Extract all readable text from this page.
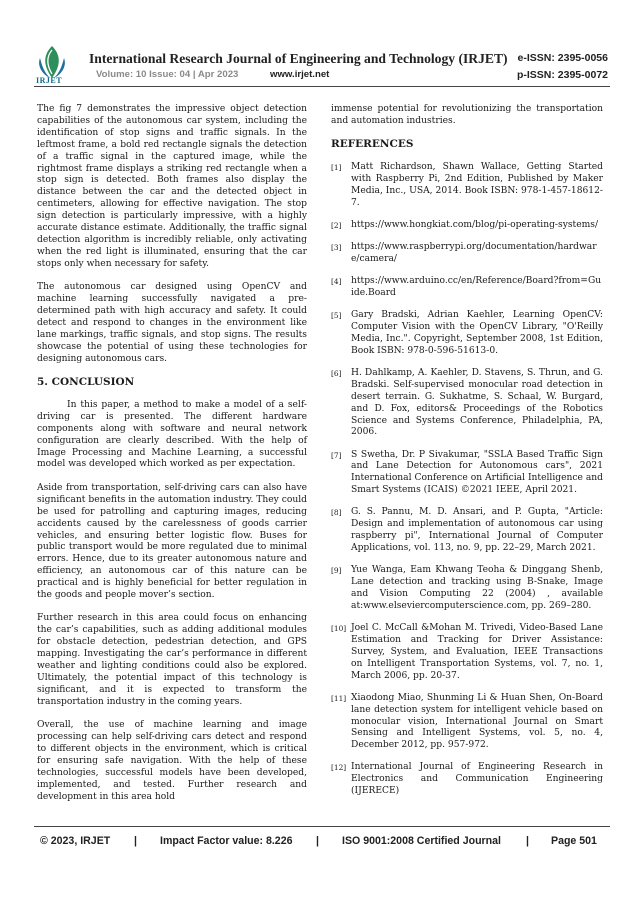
IRJET
International Research Journal of Engineering and Technology (IRJET) e-ISSN: 2395-0056
Volume: 10 Issue: 04 | Apr 2023	www.irjet.net	p-ISSN: 2395-0072

The fig 7 demonstrates the impressive object detection capabilities of the autonomous car system, including the identification of stop signs and traffic signals. In the leftmost frame, a bold red rectangle signals the detection of a traffic signal in the captured image, while the rightmost frame displays a striking red rectangle when a stop sign is detected. Both frames also display the distance between the car and the detected object in centimeters, allowing for effective navigation. The stop sign detection is particularly impressive, with a highly accurate distance estimate. Additionally, the traffic signal detection algorithm is incredibly reliable, only activating when the red light is illuminated, ensuring that the car stops only when necessary for safety.

The autonomous car designed using OpenCV and machine learning successfully navigated a pre-determined path with high accuracy and safety. It could detect and respond to changes in the environment like lane markings, traffic signals, and stop signs. The results showcase the potential of using these technologies for designing autonomous cars.

5. CONCLUSION

In this paper, a method to make a model of a self-driving car is presented. The different hardware components along with software and neural network configuration are clearly described. With the help of Image Processing and Machine Learning, a successful model was developed which worked as per expectation.

Aside from transportation, self-driving cars can also have significant benefits in the automation industry. They could be used for patrolling and capturing images, reducing accidents caused by the carelessness of goods carrier vehicles, and ensuring better logistic flow. Buses for public transport would be more regulated due to minimal errors. Hence, due to its greater autonomous nature and efficiency, an autonomous car of this nature can be practical and is highly beneficial for better regulation in the goods and people mover’s section.

Further research in this area could focus on enhancing the car’s capabilities, such as adding additional modules for obstacle detection, pedestrian detection, and GPS mapping. Investigating the car’s performance in different weather and lighting conditions could also be explored. Ultimately, the potential impact of this technology is significant, and it is expected to transform the transportation industry in the coming years.

Overall, the use of machine learning and image processing can help self-driving cars detect and respond to different objects in the environment, which is critical for ensuring safe navigation. With the help of these technologies, successful models have been developed, implemented, and tested. Further research and development in this area hold

immense potential for revolutionizing the transportation and automation industries.

REFERENCES
[1] Matt Richardson, Shawn Wallace, Getting Started with Raspberry Pi, 2nd Edition, Published by Maker Media, Inc., USA, 2014. Book ISBN: 978-1-457-18612-7.
[2] https://www.hongkiat.com/blog/pi-operating-systems/
[3] https://www.raspberrypi.org/documentation/hardware/camera/
[4] https://www.arduino.cc/en/Reference/Board?from=Guide.Board
[5] Gary Bradski, Adrian Kaehler, Learning OpenCV: Computer Vision with the OpenCV Library, "O'Reilly Media, Inc.". Copyright, September 2008, 1st Edition, Book ISBN: 978-0-596-51613-0.
[6] H. Dahlkamp, A. Kaehler, D. Stavens, S. Thrun, and G. Bradski. Self-supervised monocular road detection in desert terrain. G. Sukhatme, S. Schaal, W. Burgard, and D. Fox, editors& Proceedings of the Robotics Science and Systems Conference, Philadelphia, PA, 2006.
[7] S Swetha, Dr. P Sivakumar, "SSLA Based Traffic Sign and Lane Detection for Autonomous cars", 2021 International Conference on Artificial Intelligence and Smart Systems (ICAIS) ©2021 IEEE, April 2021.
[8] G. S. Pannu, M. D. Ansari, and P. Gupta, "Article: Design and implementation of autonomous car using raspberry pi", International Journal of Computer Applications, vol. 113, no. 9, pp. 22–29, March 2021.
[9] Yue Wanga, Eam Khwang Teoha & Dinggang Shenb, Lane detection and tracking using B-Snake, Image and Vision Computing 22 (2004) , available at:www.elseviercomputerscience.com, pp. 269–280.
[10] Joel C. McCall &Mohan M. Trivedi, Video-Based Lane Estimation and Tracking for Driver Assistance: Survey, System, and Evaluation, IEEE Transactions on Intelligent Transportation Systems, vol. 7, no. 1, March 2006, pp. 20-37.
[11] Xiaodong Miao, Shunming Li & Huan Shen, On-Board lane detection system for intelligent vehicle based on monocular vision, International Journal on Smart Sensing and Intelligent Systems, vol. 5, no. 4, December 2012, pp. 957-972.
[12] International Journal of Engineering Research in Electronics and Communication Engineering (IJERECE)
© 2023, IRJET | Impact Factor value: 8.226 | ISO 9001:2008 Certified Journal | Page 501
